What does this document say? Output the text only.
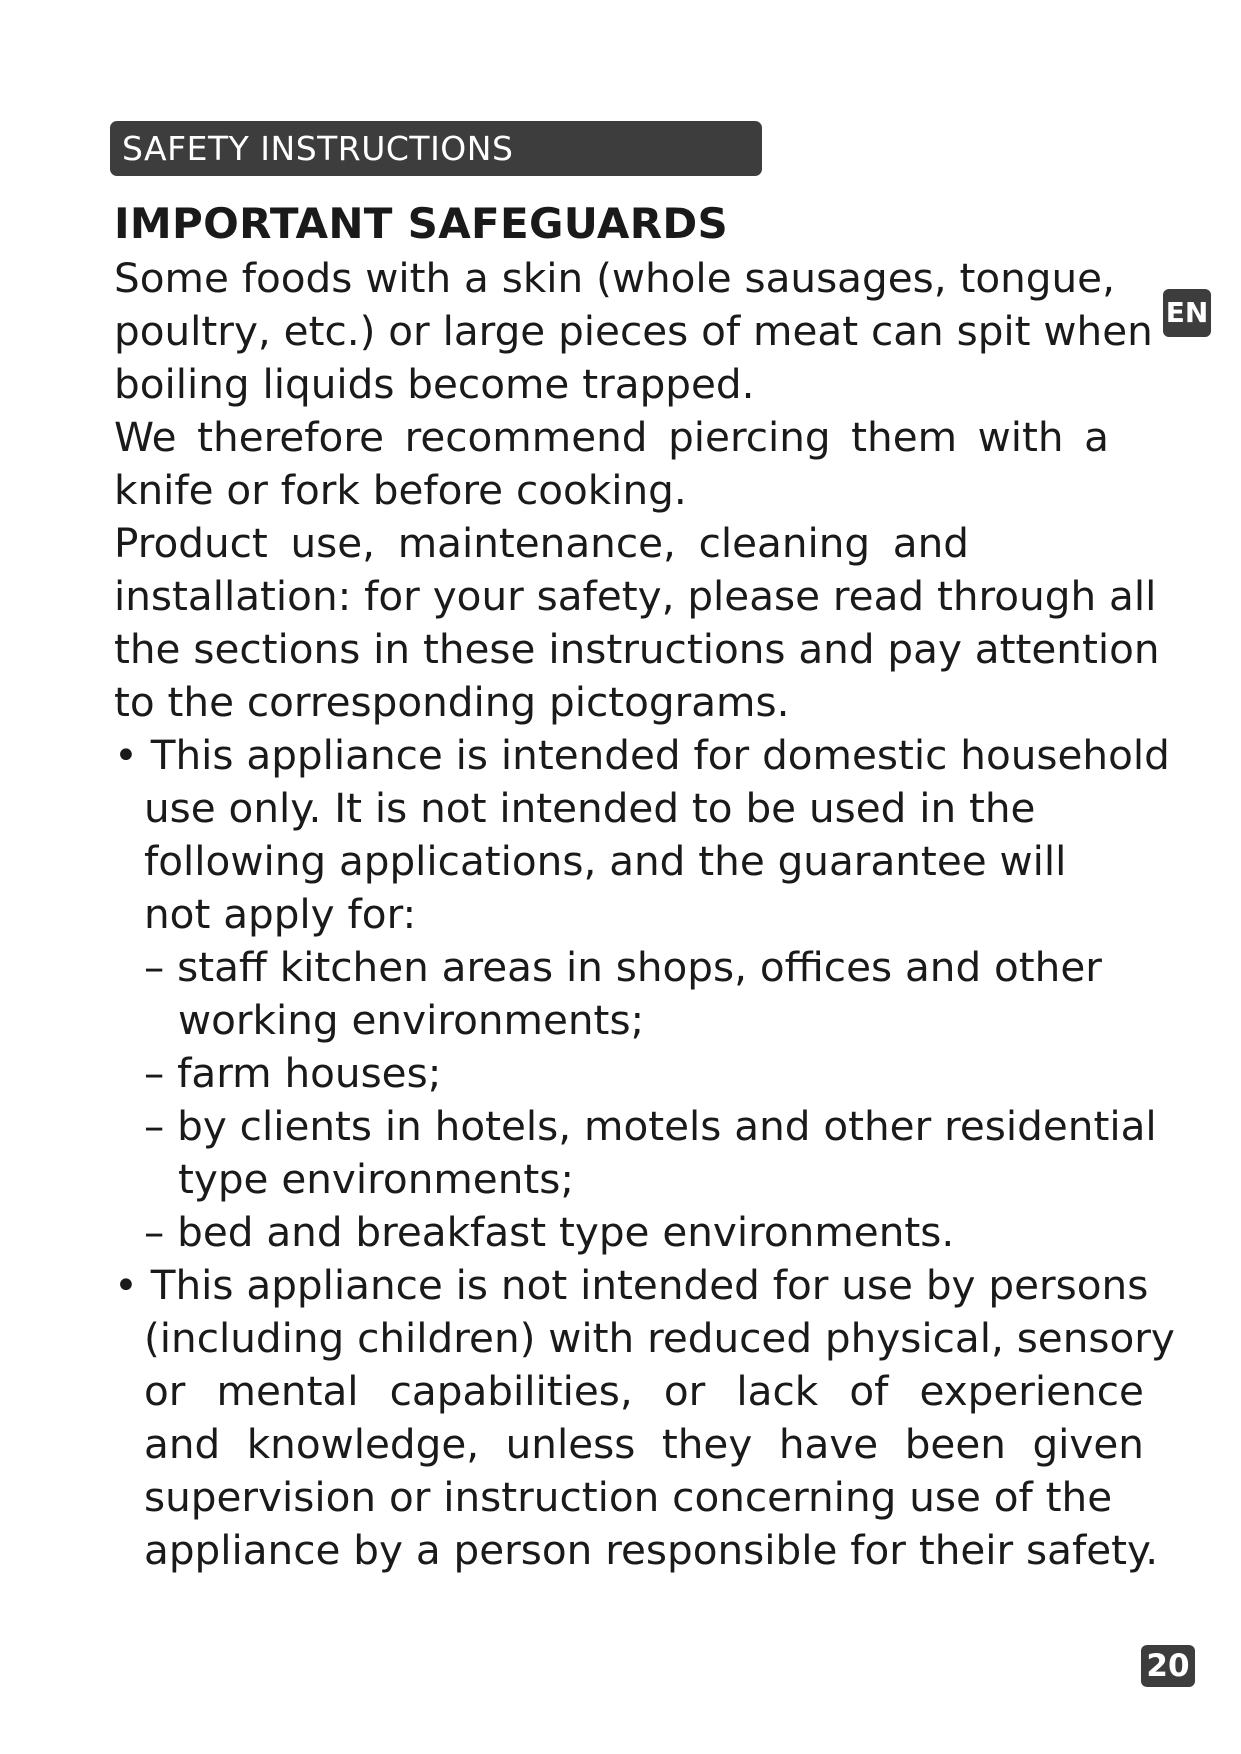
SAFETY INSTRUCTIONS
EN
IMPORTANT SAFEGUARDS
Some foods with a skin (whole sausages, tongue,
poultry, etc.) or large pieces of meat can spit when
boiling liquids become trapped.
We therefore recommend piercing them with a
knife or fork before cooking.
Product use, maintenance, cleaning and
installation: for your safety, please read through all
the sections in these instructions and pay attention
to the corresponding pictograms.
• This appliance is intended for domestic household
use only. It is not intended to be used in the
following applications, and the guarantee will
not apply for:
– staff kitchen areas in shops, offices and other
working environments;
– farm houses;
– by clients in hotels, motels and other residential
type environments;
– bed and breakfast type environments.
• This appliance is not intended for use by persons
(including children) with reduced physical, sensory
or mental capabilities, or lack of experience
and knowledge, unless they have been given
supervision or instruction concerning use of the
appliance by a person responsible for their safety.
20
